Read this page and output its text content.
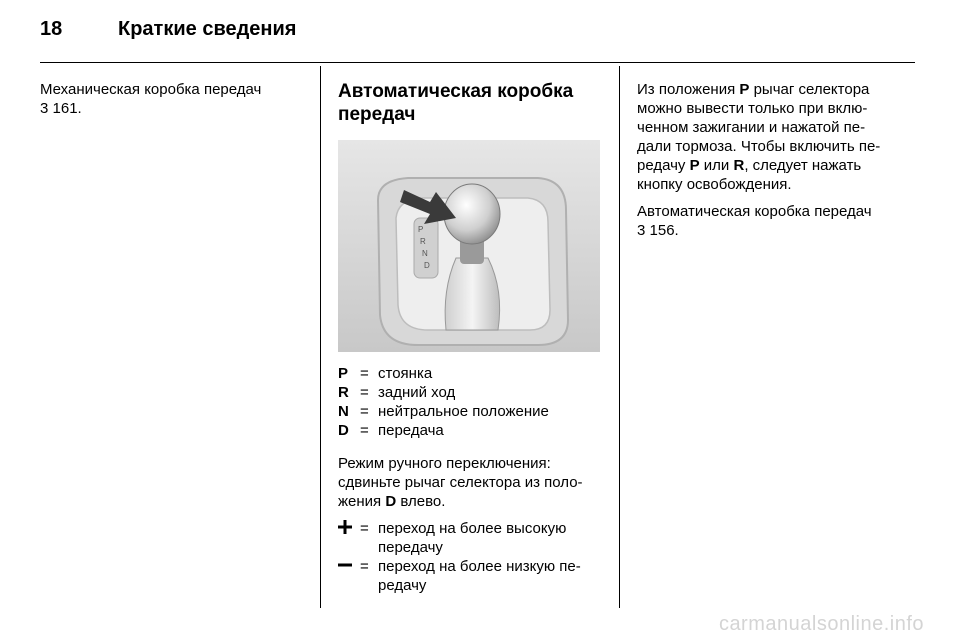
18	Краткие сведения
Механическая коробка передач
3 161.
Автоматическая коробка
передач
P
R
N
D
P = стоянка
R = задний ход
N = нейтральное положение
D = передача
Режим ручного переключения:
сдвиньте рычаг селектора из поло-
жения D влево.
= переход на более высокую
передачу
= переход на более низкую пе-
редачу
Из положения P рычаг селектора
можно вывести только при вклю-
ченном зажигании и нажатой пе-
дали тормоза. Чтобы включить пе-
редачу P или R, следует нажать
кнопку освобождения.
Автоматическая коробка передач
3 156.
carmanualsonline.info
